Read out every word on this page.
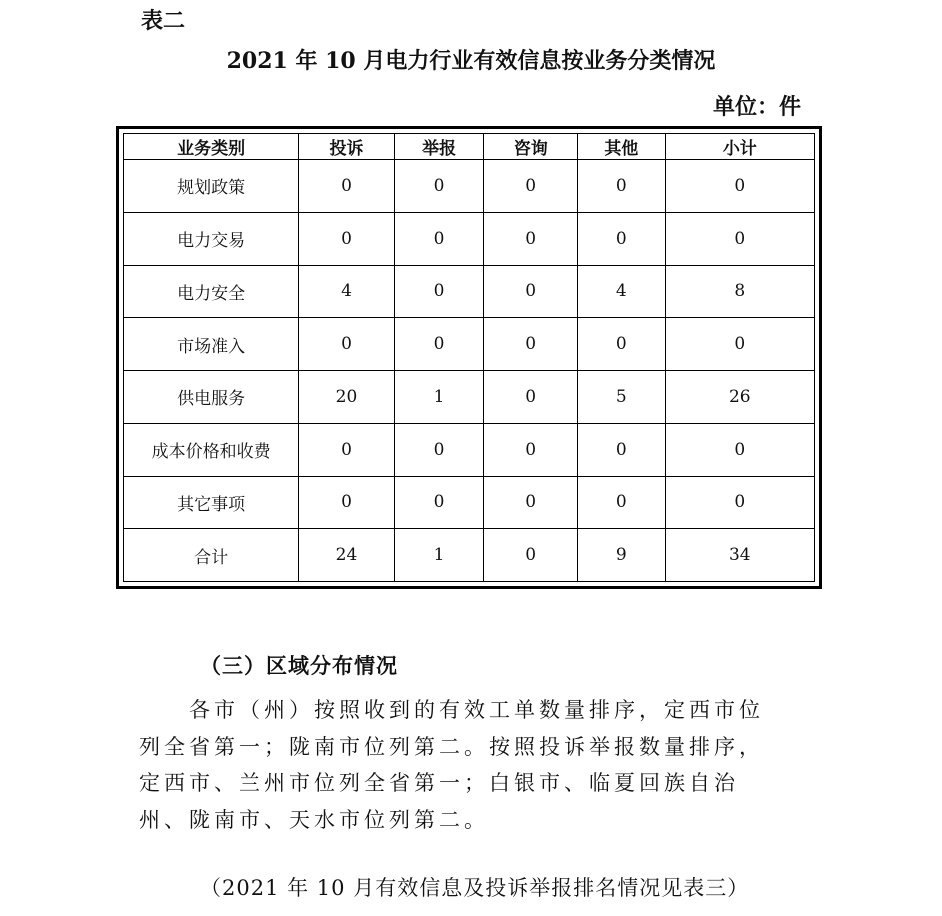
表二
2021 年 10 月电力行业有效信息按业务分类情况
单位：件
业务类别	投诉	举报	咨询	其他	小计
规划政策	0	0	0	0	0
电力交易	0	0	0	0	0
电力安全	4	0	0	4	8
市场准入	0	0	0	0	0
供电服务	20	1	0	5	26
成本价格和收费	0	0	0	0	0
其它事项	0	0	0	0	0
合计	24	1	0	9	34
（三）区域分布情况
　　各市（州）按照收到的有效工单数量排序，定西市位
列全省第一；陇南市位列第二。按照投诉举报数量排序，
定西市、兰州市位列全省第一；白银市、临夏回族自治
州、陇南市、天水市位列第二。
（2021 年 10 月有效信息及投诉举报排名情况见表三）
